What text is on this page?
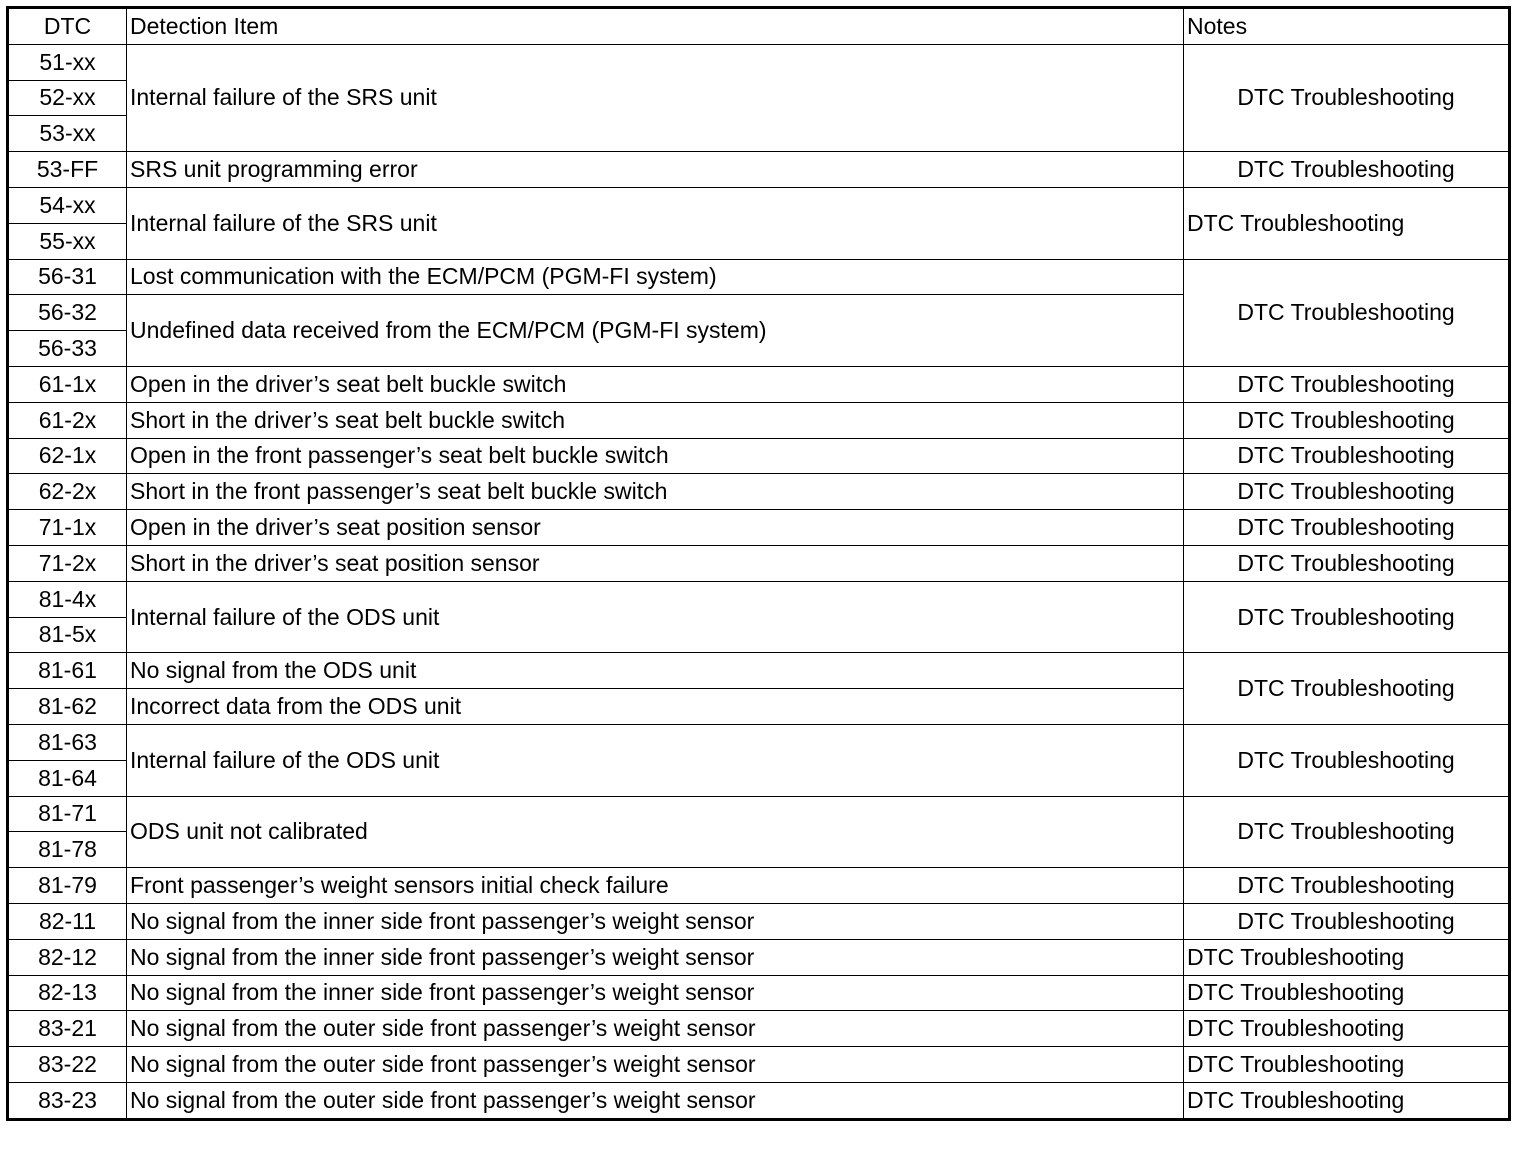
DTC	Detection Item	Notes
51-xx	Internal failure of the SRS unit	DTC Troubleshooting
52-xx		
53-xx		
53-FF	SRS unit programming error	DTC Troubleshooting
54-xx	Internal failure of the SRS unit	DTC Troubleshooting
55-xx		
56-31	Lost communication with the ECM/PCM (PGM-FI system)	DTC Troubleshooting
56-32	Undefined data received from the ECM/PCM (PGM-FI system)	
56-33		
61-1x	Open in the driver’s seat belt buckle switch	DTC Troubleshooting
61-2x	Short in the driver’s seat belt buckle switch	DTC Troubleshooting
62-1x	Open in the front passenger’s seat belt buckle switch	DTC Troubleshooting
62-2x	Short in the front passenger’s seat belt buckle switch	DTC Troubleshooting
71-1x	Open in the driver’s seat position sensor	DTC Troubleshooting
71-2x	Short in the driver’s seat position sensor	DTC Troubleshooting
81-4x	Internal failure of the ODS unit	DTC Troubleshooting
81-5x		
81-61	No signal from the ODS unit	DTC Troubleshooting
81-62	Incorrect data from the ODS unit	
81-63	Internal failure of the ODS unit	DTC Troubleshooting
81-64		
81-71	ODS unit not calibrated	DTC Troubleshooting
81-78		
81-79	Front passenger’s weight sensors initial check failure	DTC Troubleshooting
82-11	No signal from the inner side front passenger’s weight sensor	DTC Troubleshooting
82-12	No signal from the inner side front passenger’s weight sensor	DTC Troubleshooting
82-13	No signal from the inner side front passenger’s weight sensor	DTC Troubleshooting
83-21	No signal from the outer side front passenger’s weight sensor	DTC Troubleshooting
83-22	No signal from the outer side front passenger’s weight sensor	DTC Troubleshooting
83-23	No signal from the outer side front passenger’s weight sensor	DTC Troubleshooting
